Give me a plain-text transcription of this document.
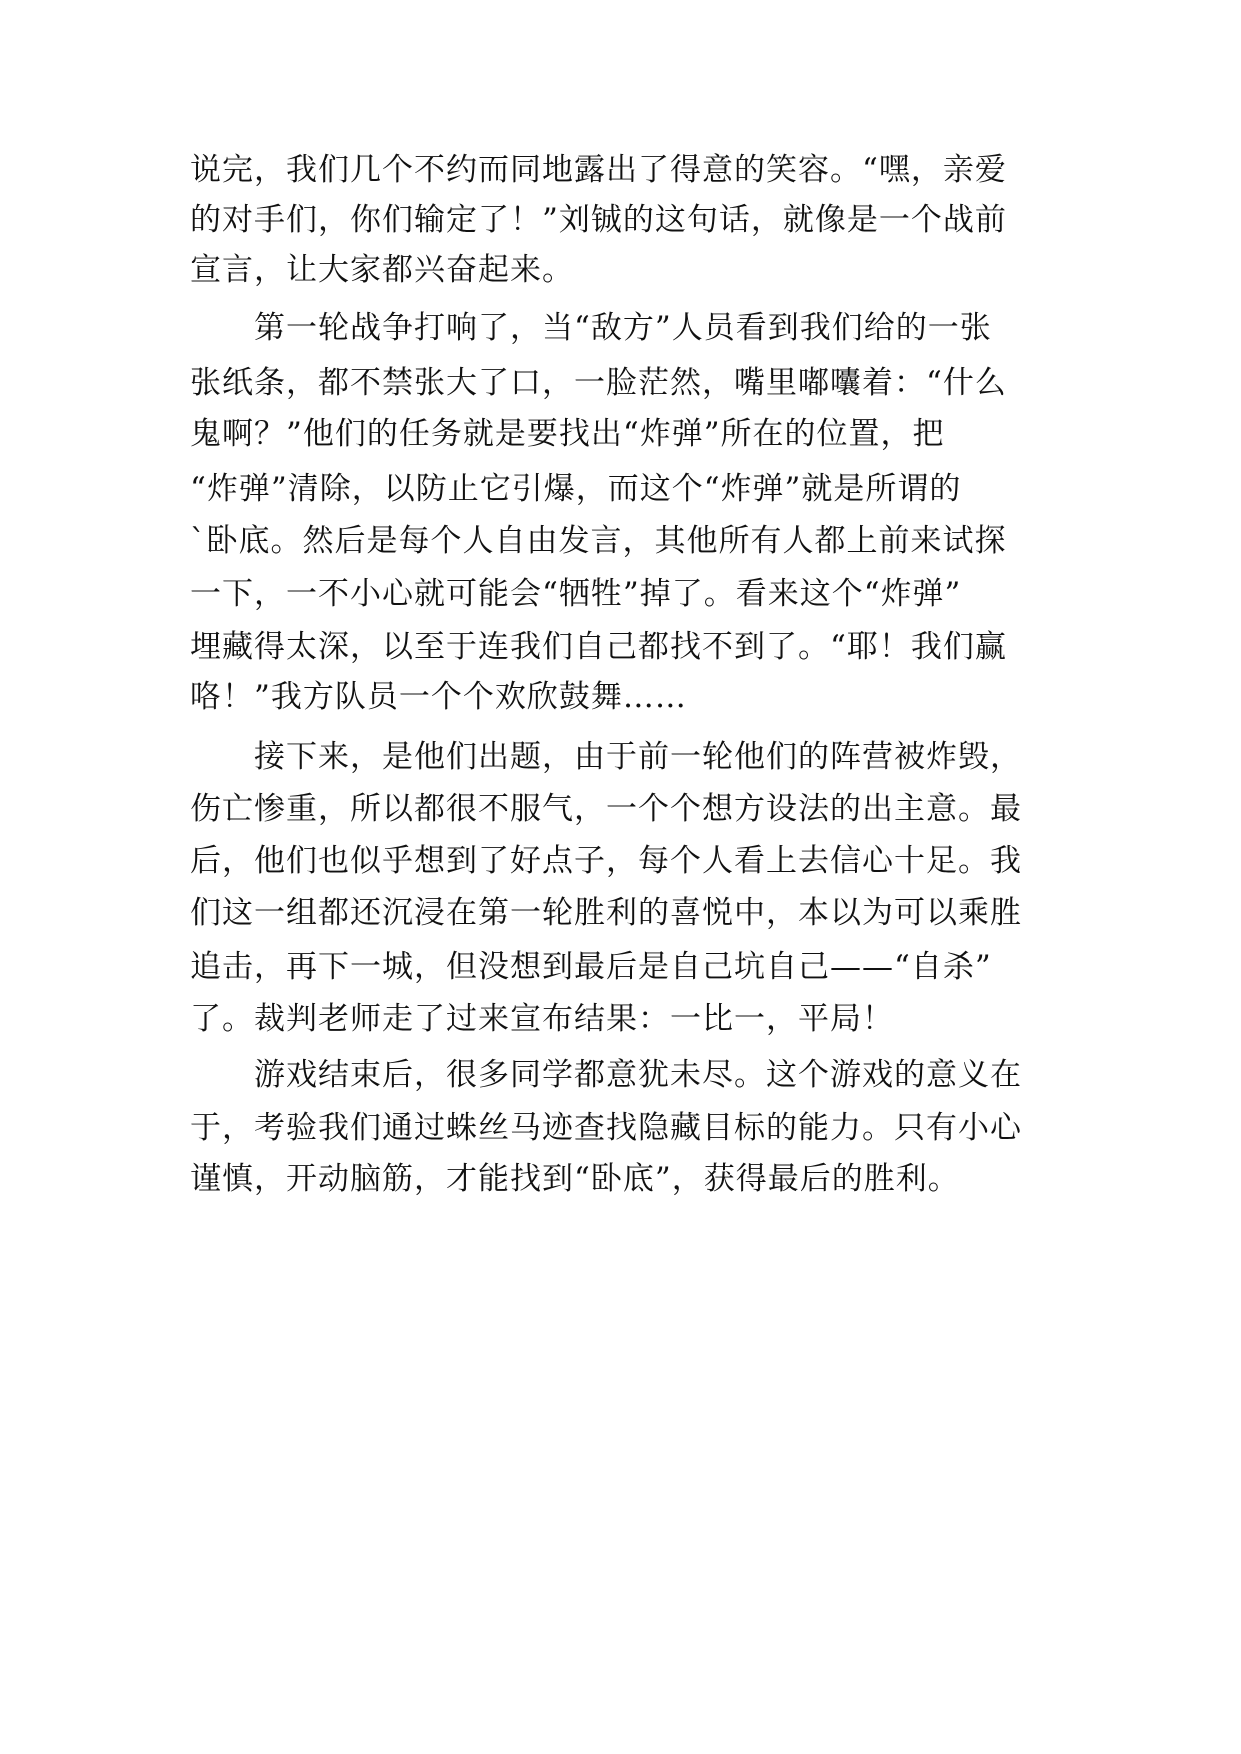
说完，我们几个不约而同地露出了得意的笑容。“嘿，亲爱
的对手们，你们输定了！”刘铖的这句话，就像是一个战前
宣言，让大家都兴奋起来。
第一轮战争打响了，当“敌方”人员看到我们给的一张
张纸条，都不禁张大了口，一脸茫然，嘴里嘟囔着：“什么
鬼啊？”他们的任务就是要找出“炸弹”所在的位置，把
“炸弹”清除，以防止它引爆，而这个“炸弹”就是所谓的
`卧底。然后是每个人自由发言，其他所有人都上前来试探
一下，一不小心就可能会“牺牲”掉了。看来这个“炸弹”
埋藏得太深，以至于连我们自己都找不到了。“耶！我们赢
咯！”我方队员一个个欢欣鼓舞……
接下来，是他们出题，由于前一轮他们的阵营被炸毁，
伤亡惨重，所以都很不服气，一个个想方设法的出主意。最
后，他们也似乎想到了好点子，每个人看上去信心十足。我
们这一组都还沉浸在第一轮胜利的喜悦中，本以为可以乘胜
追击，再下一城，但没想到最后是自己坑自己——“自杀”
了。裁判老师走了过来宣布结果：一比一，平局！
游戏结束后，很多同学都意犹未尽。这个游戏的意义在
于，考验我们通过蛛丝马迹查找隐藏目标的能力。只有小心
谨慎，开动脑筋，才能找到“卧底”，获得最后的胜利。
